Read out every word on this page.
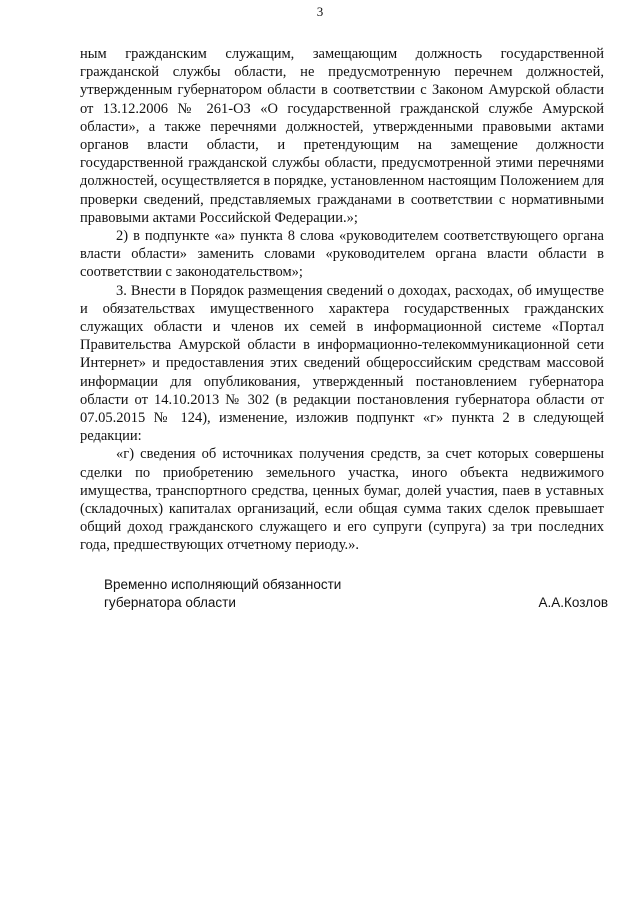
3

ным гражданским служащим, замещающим должность государственной гражданской службы области, не предусмотренную перечнем должностей, утвержденным губернатором области в соответствии с Законом Амурской области от 13.12.2006 № 261-ОЗ «О государственной гражданской службе Амурской области», а также перечнями должностей, утвержденными правовыми актами органов власти области, и претендующим на замещение должности государственной гражданской службы области, предусмотренной этими перечнями должностей, осуществляется в порядке, установленном настоящим Положением для проверки сведений, представляемых гражданами в соответствии с нормативными правовыми актами Российской Федерации.»;

2) в подпункте «а» пункта 8 слова «руководителем соответствующего органа власти области» заменить словами «руководителем органа власти области в соответствии с законодательством»;

3. Внести в Порядок размещения сведений о доходах, расходах, об имуществе и обязательствах имущественного характера государственных гражданских служащих области и членов их семей в информационной системе «Портал Правительства Амурской области в информационно-телекоммуникационной сети Интернет» и предоставления этих сведений общероссийским средствам массовой информации для опубликования, утвержденный постановлением губернатора области от 14.10.2013 № 302 (в редакции постановления губернатора области от 07.05.2015 № 124), изменение, изложив подпункт «г» пункта 2 в следующей редакции:

«г) сведения об источниках получения средств, за счет которых совершены сделки по приобретению земельного участка, иного объекта недвижимого имущества, транспортного средства, ценных бумаг, долей участия, паев в уставных (складочных) капиталах организаций, если общая сумма таких сделок превышает общий доход гражданского служащего и его супруги (супруга) за три последних года, предшествующих отчетному периоду.».

Временно исполняющий обязанности
губернатора области	А.А.Козлов
